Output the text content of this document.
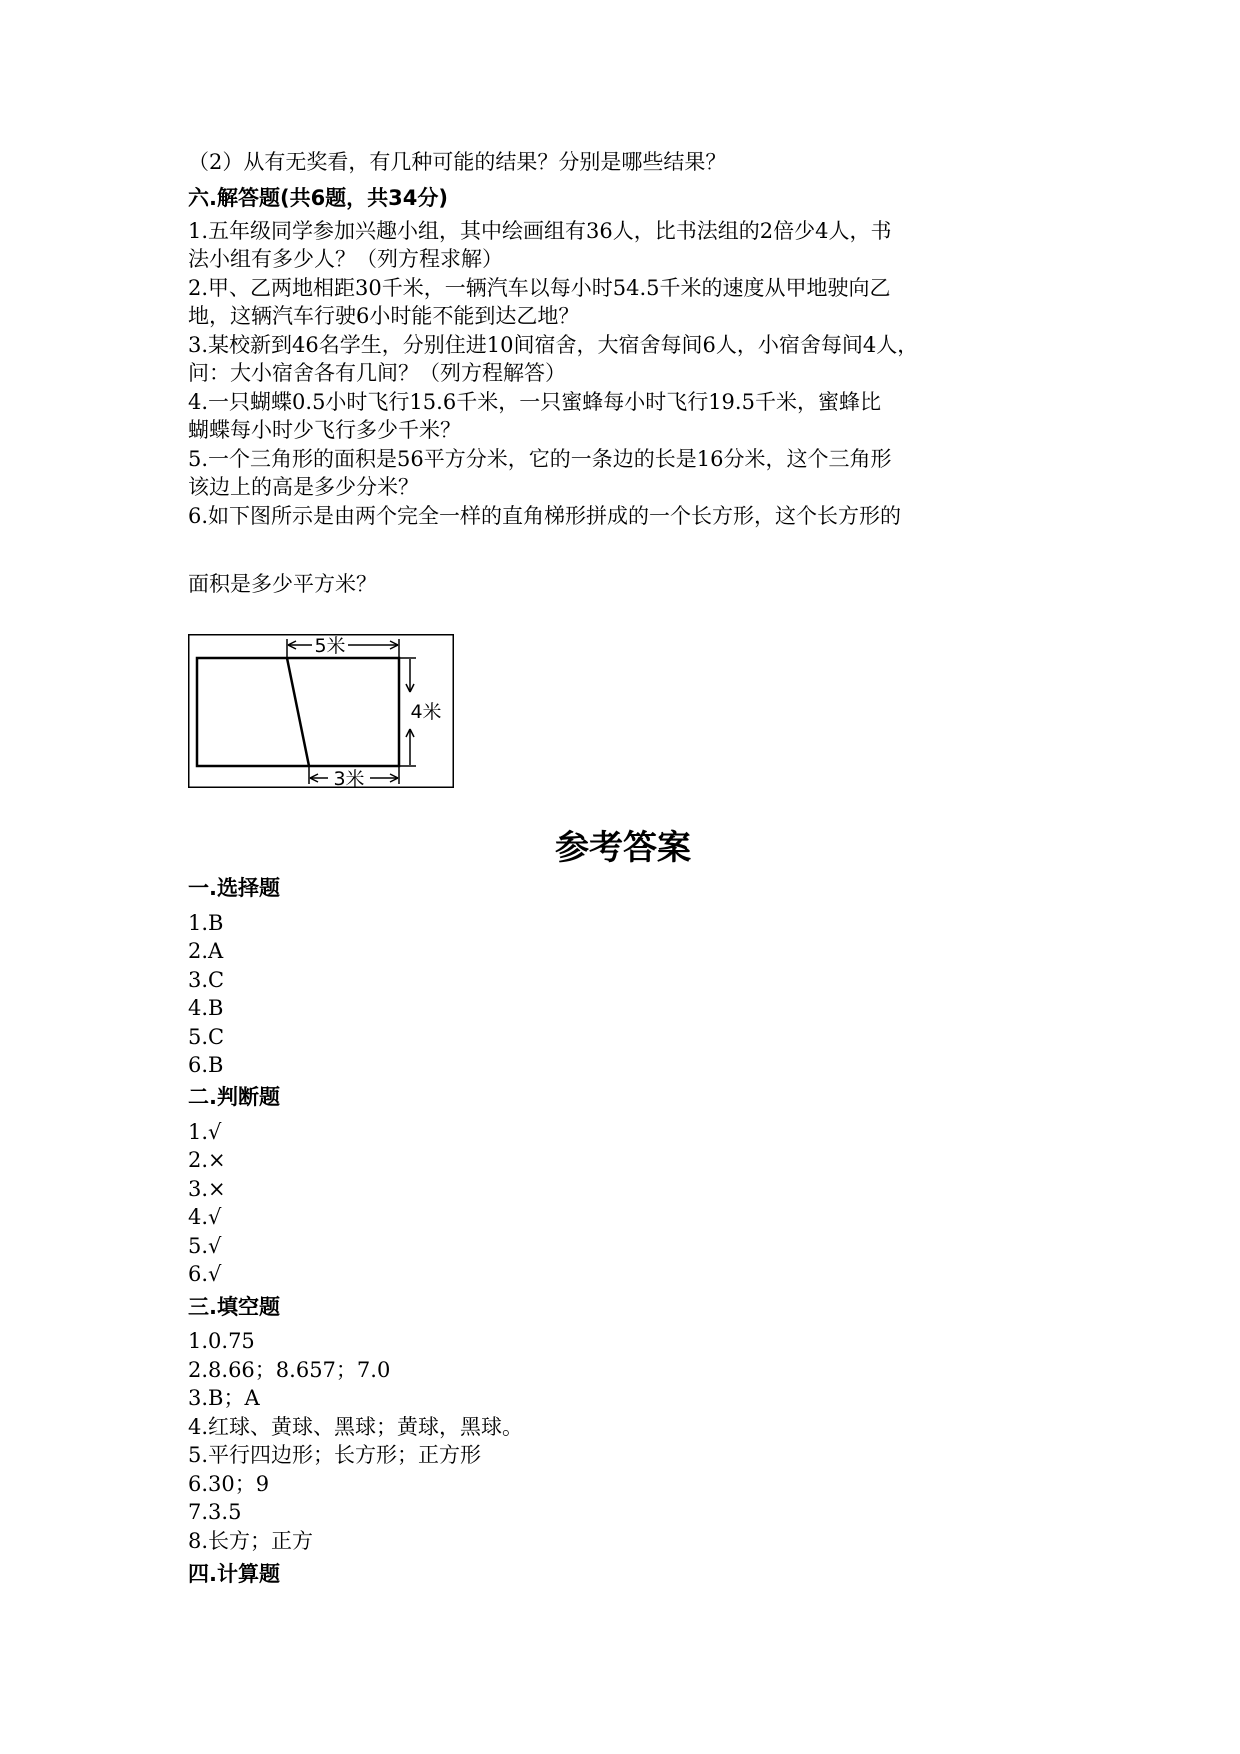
（2）从有无奖看，有几种可能的结果？分别是哪些结果？
六.解答题(共6题，共34分)
1.五年级同学参加兴趣小组，其中绘画组有36人，比书法组的2倍少4人，书
法小组有多少人？（列方程求解）
2.甲、乙两地相距30千米，一辆汽车以每小时54.5千米的速度从甲地驶向乙
地，这辆汽车行驶6小时能不能到达乙地？
3.某校新到46名学生，分别住进10间宿舍，大宿舍每间6人，小宿舍每间4人，
问：大小宿舍各有几间？（列方程解答）
4.一只蝴蝶0.5小时飞行15.6千米，一只蜜蜂每小时飞行19.5千米，蜜蜂比
蝴蝶每小时少飞行多少千米？
5.一个三角形的面积是56平方分米，它的一条边的长是16分米，这个三角形
该边上的高是多少分米？
6.如下图所示是由两个完全一样的直角梯形拼成的一个长方形，这个长方形的
面积是多少平方米？
5米
4米
3米
参考答案
一.选择题
1.B
2.A
3.C
4.B
5.C
6.B
二.判断题
1.√
2.×
3.×
4.√
5.√
6.√
三.填空题
1.0.75
2.8.66；8.657；7.0
3.B；A
4.红球、黄球、黑球；黄球，黑球。
5.平行四边形；长方形；正方形
6.30；9
7.3.5
8.长方；正方
四.计算题
